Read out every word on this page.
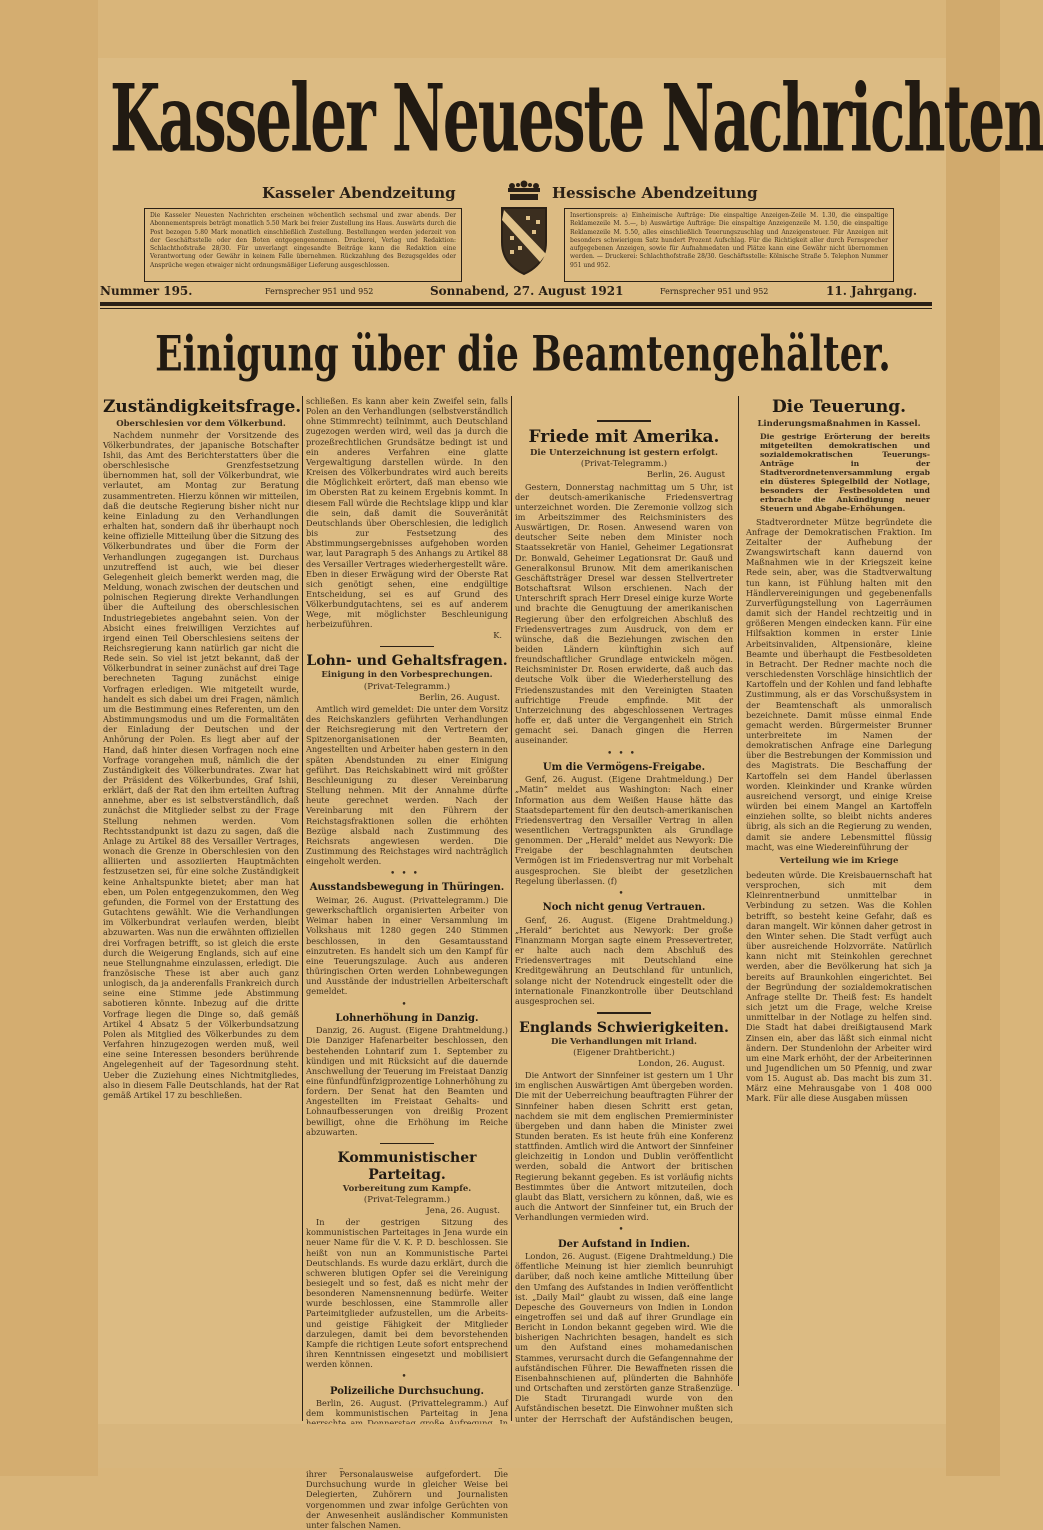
Kasseler Neueste Nachrichten
Kasseler Abendzeitung	Hessische Abendzeitung
Die Kasseler Neuesten Nachrichten erscheinen wöchentlich sechsmal und zwar abends. Der Abonnementspreis beträgt monatlich 5.50 Mark bei freier Zustellung ins Haus. Auswärts durch die Post bezogen 5.80 Mark monatlich einschließlich Zustellung. Bestellungen werden jederzeit von der Geschäftsstelle oder den Boten entgegengenommen. Druckerei, Verlag und Redaktion: Schlachthofstraße 28/30. Für unverlangt eingesandte Beiträge kann die Redaktion eine Verantwortung oder Gewähr in keinem Falle übernehmen. Rückzahlung des Bezugsgeldes oder Ansprüche wegen etwaiger nicht ordnungsmäßiger Lieferung ausgeschlossen.
Insertionspreis: a) Einheimische Aufträge: Die einspaltige Anzeigen-Zeile M. 1.30, die einspaltige Reklamezeile M. 5.—, b) Auswärtige Aufträge: Die einspaltige Anzeigenzeile M. 1.50, die einspaltige Reklamezeile M. 5.50, alles einschließlich Teuerungszuschlag und Anzeigensteuer. Für Anzeigen mit besonders schwierigem Satz hundert Prozent Aufschlag. Für die Richtigkeit aller durch Fernsprecher aufgegebenen Anzeigen, sowie für Aufnahmedaten und Plätze kann eine Gewähr nicht übernommen werden. — Druckerei: Schlachthofstraße 28/30. Geschäftsstelle: Kölnische Straße 5. Telephon Nummer 951 und 952.
Nummer 195.	Fernsprecher 951 und 952	Sonnabend, 27. August 1921	Fernsprecher 951 und 952	11. Jahrgang.
Einigung über die Beamtengehälter.
Zuständigkeitsfrage.
Oberschlesien vor dem Völkerbund.

Nachdem nunmehr der Vorsitzende des Völkerbundrates, der japanische Botschafter Ishii, das Amt des Berichterstatters über die oberschlesische Grenzfestsetzung übernommen hat, soll der Völkerbundrat, wie verlautet, am Montag zur Beratung zusammentreten. Hierzu können wir mitteilen, daß die deutsche Regierung bisher nicht nur keine Einladung zu den Verhandlungen erhalten hat, sondern daß ihr überhaupt noch keine offizielle Mitteilung über die Sitzung des Völkerbundrates und über die Form der Verhandlungen zugegangen ist. Durchaus unzutreffend ist auch, wie bei dieser Gelegenheit gleich bemerkt werden mag, die Meldung, wonach zwischen der deutschen und polnischen Regierung direkte Verhandlungen über die Aufteilung des oberschlesischen Industriegebietes angebahnt seien. Von der Absicht eines freiwilligen Verzichtes auf irgend einen Teil Oberschlesiens seitens der Reichsregierung kann natürlich gar nicht die Rede sein. So viel ist jetzt bekannt, daß der Völkerbundrat in seiner zunächst auf drei Tage berechneten Tagung zunächst einige Vorfragen erledigen. Wie mitgeteilt wurde, handelt es sich dabei um drei Fragen, nämlich um die Bestimmung eines Referenten, um den Abstimmungsmodus und um die Formalitäten der Einladung der Deutschen und der Anhörung der Polen. Es liegt aber auf der Hand, daß hinter diesen Vorfragen noch eine Vorfrage vorangehen muß, nämlich die der Zuständigkeit des Völkerbundrates. Zwar hat der Präsident des Völkerbundes, Graf Ishii, erklärt, daß der Rat den ihm erteilten Auftrag annehme, aber es ist selbstverständlich, daß zunächst die Mitglieder selbst zu der Frage Stellung nehmen werden. Vom Rechtsstandpunkt ist dazu zu sagen, daß die Anlage zu Artikel 88 des Versailler Vertrages, wonach die Grenze in Oberschlesien von den alliierten und assoziierten Hauptmächten festzusetzen sei, für eine solche Zuständigkeit keine Anhaltspunkte bietet; aber man hat eben, um Polen entgegenzukommen, den Weg gefunden, die Formel von der Erstattung des Gutachtens gewählt. Wie die Verhandlungen im Völkerbundrat verlaufen werden, bleibt abzuwarten. Was nun die erwähnten offiziellen drei Vorfragen betrifft, so ist gleich die erste durch die Weigerung Englands, sich auf eine neue Stellungnahme einzulassen, erledigt. Die französische These ist aber auch ganz unlogisch, da ja anderenfalls Frankreich durch seine eine Stimme jede Abstimmung sabotieren könnte. Inbezug auf die dritte Vorfrage liegen die Dinge so, daß gemäß Artikel 4 Absatz 5 der Völkerbundsatzung Polen als Mitglied des Völkerbundes zu dem Verfahren hinzugezogen werden muß, weil eine seine Interessen besonders berührende Angelegenheit auf der Tagesordnung steht. Ueber die Zuziehung eines Nichtmitgliedes, also in diesem Falle Deutschlands, hat der Rat gemäß Artikel 17 zu beschließen.

schließen. Es kann aber kein Zweifel sein, falls Polen an den Verhandlungen (selbstverständlich ohne Stimmrecht) teilnimmt, auch Deutschland zugezogen werden wird, weil das ja durch die prozeßrechtlichen Grundsätze bedingt ist und ein anderes Verfahren eine glatte Vergewaltigung darstellen würde. In den Kreisen des Völkerbundrates wird auch bereits die Möglichkeit erörtert, daß man ebenso wie im Obersten Rat zu keinem Ergebnis kommt. In diesem Fall würde die Rechtslage klipp und klar die sein, daß damit die Souveränität Deutschlands über Oberschlesien, die lediglich bis zur Festsetzung des Abstimmungsergebnisses aufgehoben worden war, laut Paragraph 5 des Anhangs zu Artikel 88 des Versailler Vertrages wiederhergestellt wäre. Eben in dieser Erwägung wird der Oberste Rat sich genötigt sehen, eine endgültige Entscheidung, sei es auf Grund des Völkerbundgutachtens, sei es auf anderem Wege, mit möglichster Beschleunigung herbeizuführen.

K.
Lohn- und Gehaltsfragen.
Einigung in den Vorbesprechungen.
(Privat-Telegramm.)
Berlin, 26. August.

Amtlich wird gemeldet: Die unter dem Vorsitz des Reichskanzlers geführten Verhandlungen der Reichsregierung mit den Vertretern der Spitzenorganisationen der Beamten, Angestellten und Arbeiter haben gestern in den späten Abendstunden zu einer Einigung geführt. Das Reichskabinett wird mit größter Beschleunigung zu dieser Vereinbarung Stellung nehmen. Mit der Annahme dürfte heute gerechnet werden. Nach der Vereinbarung mit den Führern der Reichstagsfraktionen sollen die erhöhten Bezüge alsbald nach Zustimmung des Reichsrats angewiesen werden. Die Zustimmung des Reichstages wird nachträglich eingeholt werden.

•••
Ausstandsbewegung in Thüringen.

Weimar, 26. August. (Privattelegramm.) Die gewerkschaftlich organisierten Arbeiter von Weimar haben in einer Versammlung im Volkshaus mit 1280 gegen 240 Stimmen beschlossen, in den Gesamtausstand einzutreten. Es handelt sich um den Kampf für eine Teuerungszulage. Auch aus anderen thüringischen Orten werden Lohnbewegungen und Ausstände der industriellen Arbeiterschaft gemeldet.

•
Lohnerhöhung in Danzig.

Danzig, 26. August. (Eigene Drahtmeldung.) Die Danziger Hafenarbeiter beschlossen, den bestehenden Lohntarif zum 1. September zu kündigen und mit Rücksicht auf die dauernde Anschwellung der Teuerung im Freistaat Danzig eine fünfundfünfzigprozentige Lohnerhöhung zu fordern. Der Senat hat den Beamten und Angestellten im Freistaat Gehalts- und Lohnaufbesserungen von dreißig Prozent bewilligt, ohne die Erhöhung im Reiche abzuwarten.

Kommunistischer Parteitag.
Vorbereitung zum Kampfe.
(Privat-Telegramm.)
Jena, 26. August.

In der gestrigen Sitzung des kommunistischen Parteitages in Jena wurde ein neuer Name für die V. K. P. D. beschlossen. Sie heißt von nun an Kommunistische Partei Deutschlands. Es wurde dazu erklärt, durch die schweren blutigen Opfer sei die Vereinigung besiegelt und so fest, daß es nicht mehr der besonderen Namensnennung bedürfe. Weiter wurde beschlossen, eine Stammrolle aller Parteimitglieder aufzustellen, um die Arbeits- und geistige Fähigkeit der Mitglieder darzulegen, damit bei dem bevorstehenden Kampfe die richtigen Leute sofort entsprechend ihren Kenntnissen eingesetzt und mobilisiert werden können.

•
Polizeiliche Durchsuchung.

Berlin, 26. August. (Privattelegramm.) Auf dem kommunistischen Parteitag in Jena ihrer Personalausweise aufgefordert. Die Durchsuchung wurde in gleicher Weise bei Delegierten, Zuhörern und Journalisten vorgenommen und zwar infolge Gerüchten von der Anwesenheit ausländischer Kommunisten unter falschen Namen.

Friede mit Amerika.
Die Unterzeichnung ist gestern erfolgt.
(Privat-Telegramm.)
Berlin, 26. August

Gestern, Donnerstag nachmittag um 5 Uhr, ist der deutsch-amerikanische Friedensvertrag unterzeichnet worden. Die Zeremonie vollzog sich im Arbeitszimmer des Reichsministers des Auswärtigen, Dr. Rosen. Anwesend waren von deutscher Seite neben dem Minister noch Staatssekretär von Haniel, Geheimer Legationsrat Dr. Bonwald, Geheimer Legationsrat Dr. Gauß und Generalkonsul Brunow. Mit dem amerikanischen Geschäftsträger Dresel war dessen Stellvertreter Botschaftsrat Wilson erschienen. Nach der Unterschrift sprach Herr Dresel einige kurze Worte und brachte die Genugtuung der amerikanischen Regierung über den erfolgreichen Abschluß des Friedensvertrages zum Ausdruck, von dem er wünsche, daß die Beziehungen zwischen den beiden Ländern künftighin sich auf freundschaftlicher Grundlage entwickeln mögen. Reichsminister Dr. Rosen erwiderte, daß auch das deutsche Volk über die Wiederherstellung des Friedenszustandes mit den Vereinigten Staaten aufrichtige Freude empfinde. Mit der Unterzeichnung des abgeschlossenen Vertrages hoffe er, daß unter die Vergangenheit ein Strich gemacht sei. Danach gingen die Herren auseinander.

•••
Um die Vermögens-Freigabe.

Genf, 26. August. (Eigene Drahtmeldung.) Der „Matin“ meldet aus Washington: Nach einer Information aus dem Weißen Hause hätte das Staatsdepartement für den deutsch-amerikanischen Friedensvertrag den Versailler Vertrag in allen wesentlichen Vertragspunkten als Grundlage genommen. Der „Herald“ meldet aus Newyork: Die Freigabe der beschlagnahmten deutschen Vermögen ist im Friedensvertrag nur mit Vorbehalt ausgesprochen. Sie bleibt der gesetzlichen Regelung überlassen. (f)

•
Noch nicht genug Vertrauen.

Genf, 26. August. (Eigene Drahtmeldung.) „Herald“ berichtet aus Newyork: Der große Finanzmann Morgan sagte einem Pressevertreter, er halte auch nach dem Abschluß des Friedensvertrages mit Deutschland eine Kreditgewährung an Deutschland für untunlich, solange nicht der Notendruck eingestellt oder die internationale Finanzkontrolle über Deutschland ausgesprochen sei.

Englands Schwierigkeiten.
Die Verhandlungen mit Irland.
(Eigener Drahtbericht.)
London, 26. August.

Die Antwort der Sinnfeiner ist gestern um 1 Uhr im englischen Auswärtigen Amt übergeben worden. Die mit der Ueberreichung beauftragten Führer der Sinnfeiner haben diesen Schritt erst getan, nachdem sie mit dem englischen Premierminister übergeben und dann haben die Minister zwei Stunden beraten. Es ist heute früh eine Konferenz stattfinden. Amtlich wird die Antwort der Sinnfeiner gleichzeitig in London und Dublin veröffentlicht werden, sobald die Antwort der britischen Regierung bekannt gegeben. Es ist vorläufig nichts Bestimmtes über die Antwort mitzuteilen, doch glaubt das Blatt, versichern zu können, daß, wie es auch die Antwort der Sinnfeiner tut, ein Bruch der Verhandlungen vermieden wird.

•
Der Aufstand in Indien.

London, 26. August. (Eigene Drahtmeldung.) Die öffentliche Meinung ist hier ziemlich beunruhigt darüber, daß noch keine amtliche Mitteilung über den Umfang des Aufstandes in Indien veröffentlicht ist. „Daily Mail“ glaubt zu wissen, daß eine lange Depesche des Gouverneurs von Indien in London eingetroffen sei und daß auf ihrer Grundlage ein Bericht in London bekannt gegeben wird. Wie die bisherigen Nachrichten besagen, handelt es sich um den Aufstand eines mohamedanischen Stammes, verursacht durch die Gefangennahme der aufständischen Führer. Die Bewaffneten rissen die Eisenbahnschienen auf, plünderten die Bahnhöfe und Ortschaften und zerstörten ganze Straßenzüge. Die Stadt Tirurangadi wurde von den Aufständischen besetzt. Die Einwohner mußten sich unter der Herrschaft der Aufständischen beugen,

Die Teuerung.
Linderungsmaßnahmen in Kassel.

Die gestrige Erörterung der bereits mitgeteilten demokratischen und sozialdemokratischen Teuerungs-Anträge in der Stadtverordnetenversammlung ergab ein düsteres Spiegelbild der Notlage, besonders der Festbesoldeten und erbrachte die Ankündigung neuer Steuern und Abgabe-Erhöhungen.

Stadtverordneter Mütze begründete die Anfrage der Demokratischen Fraktion. Im Zeitalter der Aufhebung der Zwangswirtschaft kann dauernd von Maßnahmen wie in der Kriegszeit keine Rede sein, aber, was die Stadtverwaltung tun kann, ist Fühlung halten mit den Händlervereinigungen und gegebenenfalls Zurverfügungstellung von Lagerräumen damit sich der Handel rechtzeitig und in größeren Mengen eindecken kann. Für eine Hilfsaktion kommen in erster Linie Arbeitsinvaliden, Altpensionäre, kleine Beamte und überhaupt die Festbesoldeten in Betracht. Der Redner machte noch die verschiedensten Vorschläge hinsichtlich der Kartoffeln und der Kohlen und fand lebhafte Zustimmung, als er das Vorschußsystem in der Beamtenschaft als unmoralisch bezeichnete. Damit müsse einmal Ende gemacht werden. Bürgermeister Brunner unterbreitete im Namen der demokratischen Anfrage eine Darlegung über die Bestrebungen der Kommission und des Magistrats. Die Beschaffung der Kartoffeln sei dem Handel überlassen worden. Kleinkinder und Kranke würden ausreichend versorgt, und einige Kreise würden bei einem Mangel an Kartoffeln einziehen sollte, so bleibt nichts anderes übrig, als sich an die Regierung zu wenden, damit sie andere Lebensmittel flüssig macht, was eine Wiedereinführung der

Verteilung wie im Kriege

bedeuten würde. Die Kreisbauernschaft hat versprochen, sich mit dem Kleinrentnerbund unmittelbar in Verbindung zu setzen. Was die Kohlen betrifft, so besteht keine Gefahr, daß es daran mangelt. Wir können daher getrost in den Winter sehen. Die Stadt verfügt auch über ausreichende Holzvorräte. Natürlich kann nicht mit Steinkohlen gerechnet werden, aber die Bevölkerung hat sich ja bereits auf Braunkohlen eingerichtet. Bei der Begründung der sozialdemokratischen Anfrage stellte Dr. Theiß fest: Es handelt sich jetzt um die Frage, welche Kreise unmittelbar in der Notlage zu helfen sind. Die Stadt hat dabei dreißigtausend Mark Zinsen ein, aber das läßt sich einmal nicht ändern. Der Stundenlohn der Arbeiter wird um eine Mark erhöht, der der Arbeiterinnen und Jugendlichen um 50 Pfennig, und zwar vom 15. August ab. Das macht bis zum 31. März eine Mehrausgabe von 1 408 000 Mark. Für alle diese Ausgaben müssen
